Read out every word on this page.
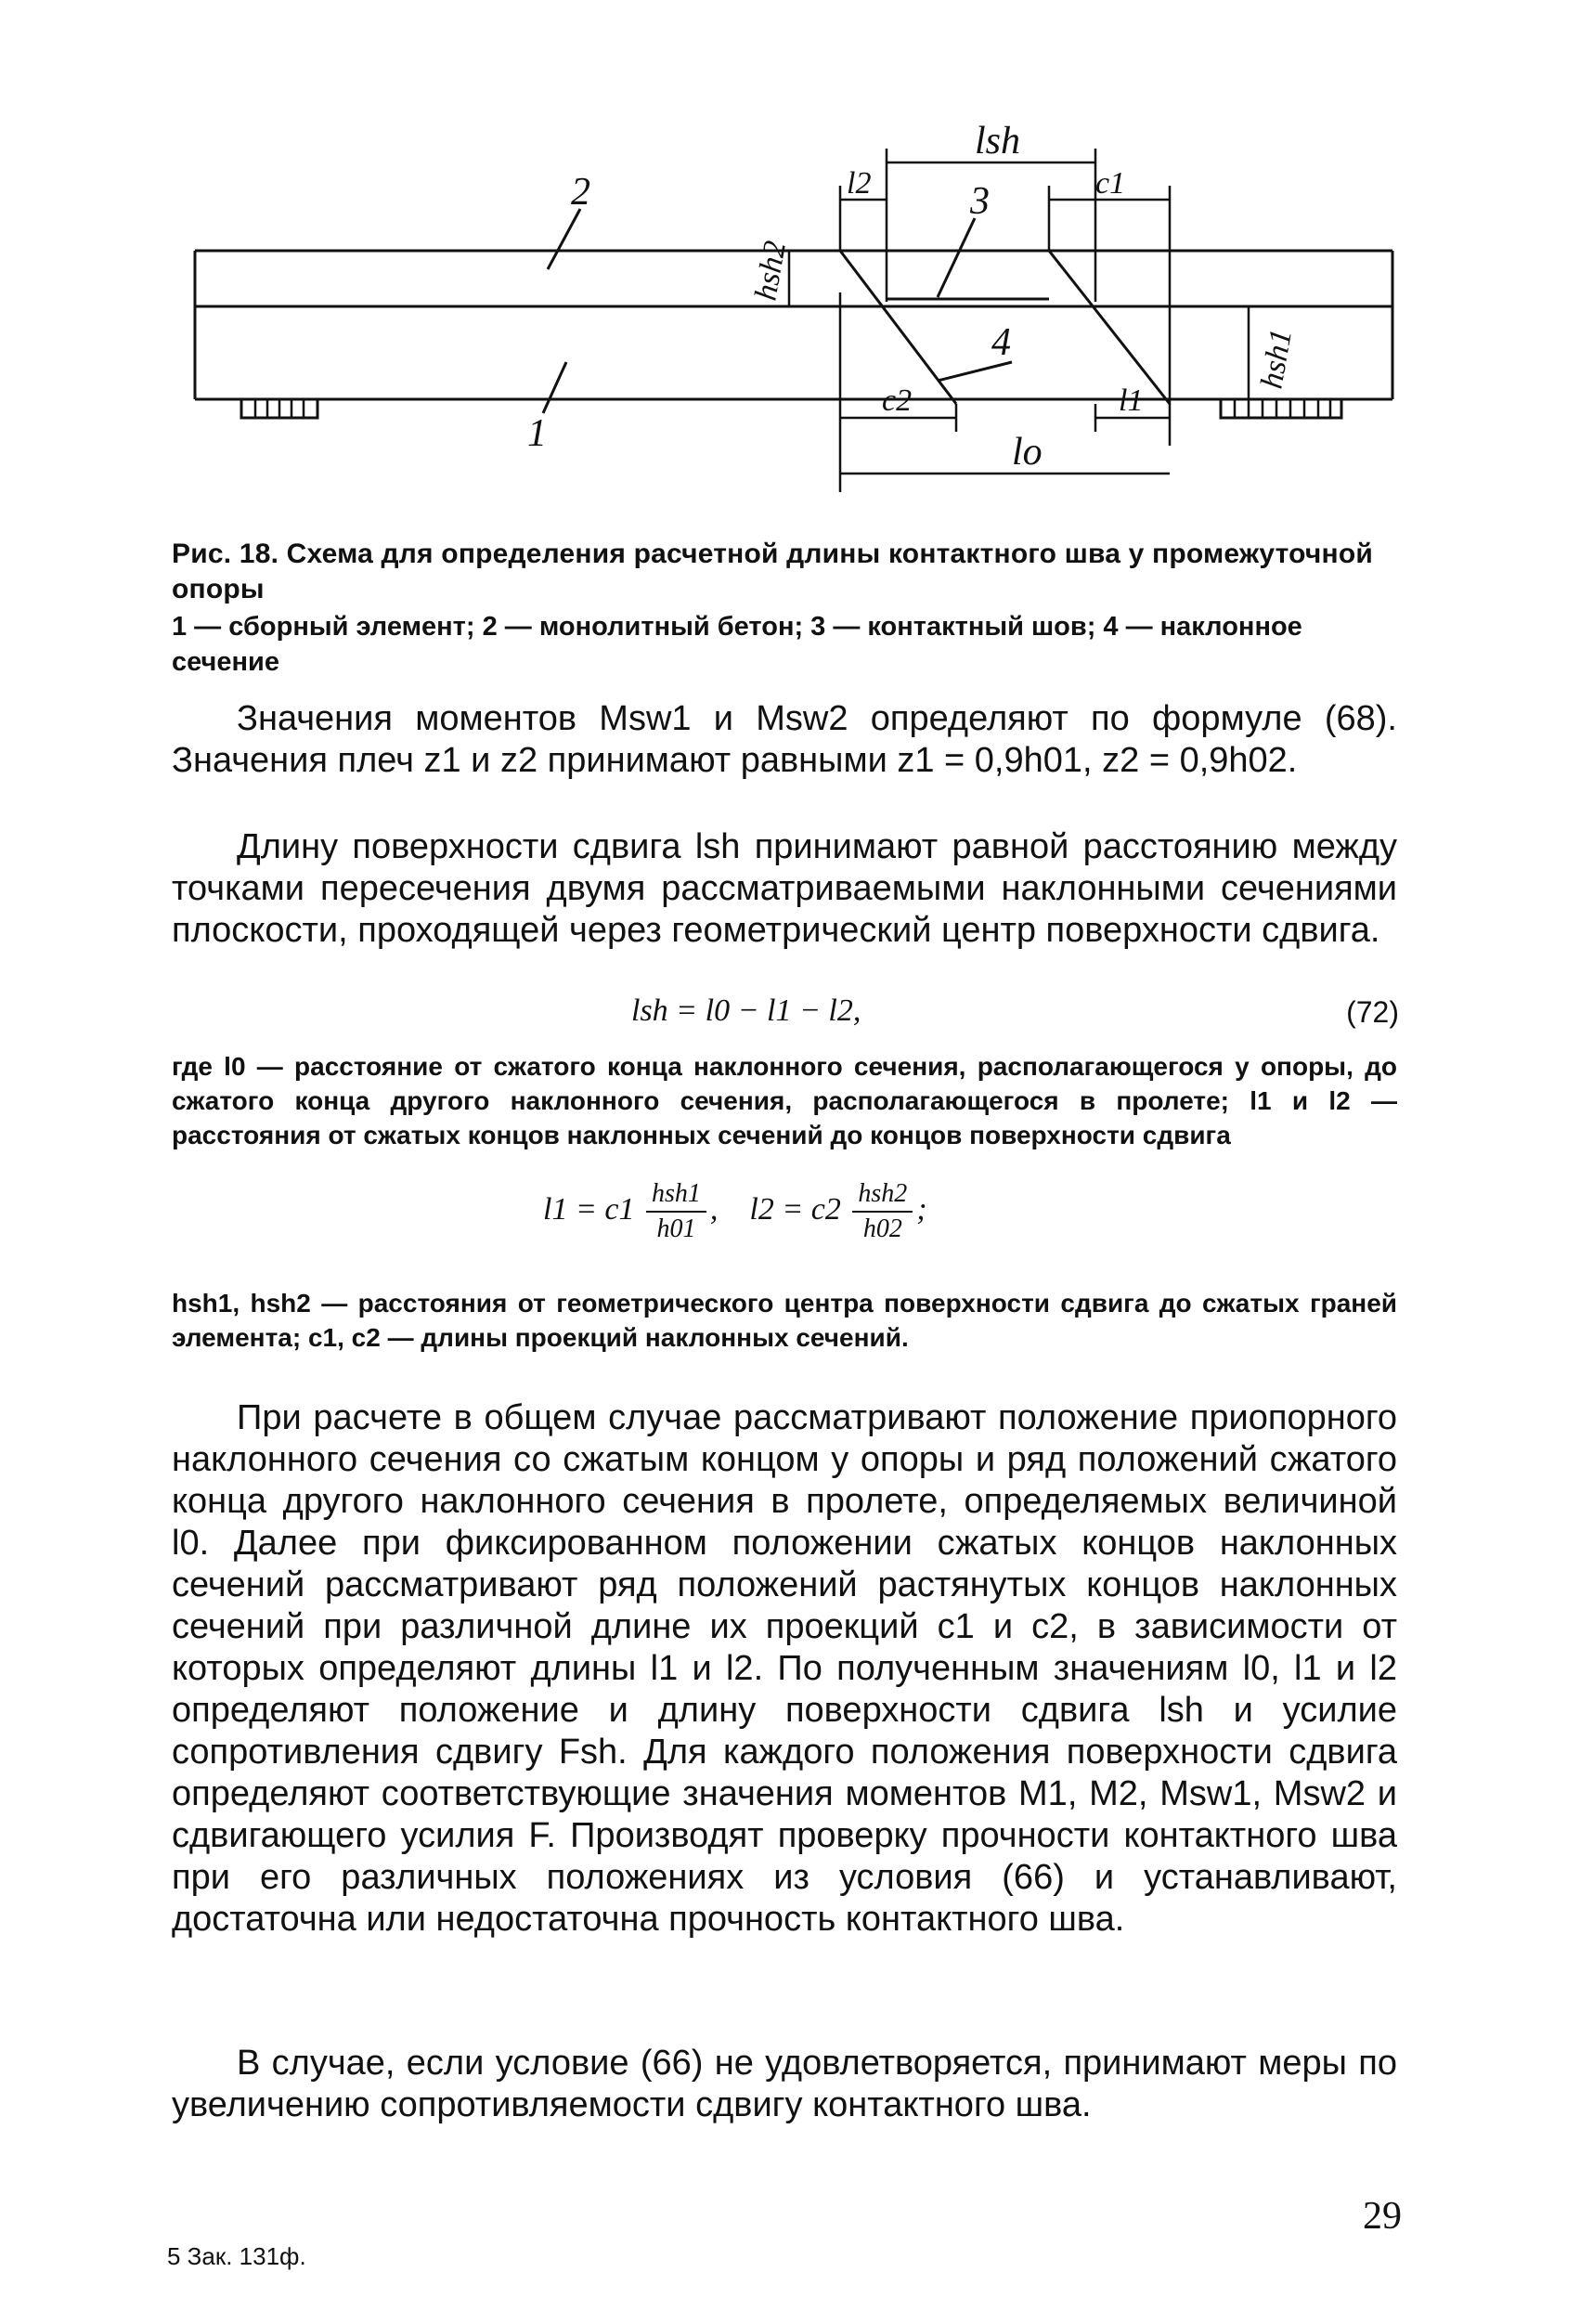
lsh
l2	c1
2	3
4
1
hsh2
hsh1
c2	l1
lo
Рис. 18. Схема для определения расчетной длины контактного шва у промежуточной опоры
1 — сборный элемент; 2 — монолитный бетон; 3 — контактный шов; 4 — наклонное сечение
Значения моментов Msw1 и Msw2 определяют по формуле (68). Значения плеч z1 и z2 принимают равными z1 = 0,9h01, z2 = 0,9h02.
Длину поверхности сдвига lsh принимают равной расстоянию между точками пересечения двумя рассматриваемыми наклонными сечениями плоскости, проходящей через геометрический центр поверхности сдвига.
lsh = l0 − l1 − l2,	(72)
где l0 — расстояние от сжатого конца наклонного сечения, располагающегося у опоры, до сжатого конца другого наклонного сечения, располагающегося в пролете; l1 и l2 — расстояния от сжатых концов наклонных сечений до концов поверхности сдвига
$l1 = c1 \frac{\text{hsh1}}{h01}$ ,    $l2 = c2 \frac{\text{hsh2}}{h02}$ ;
hsh1, hsh2 — расстояния от геометрического центра поверхности сдвига до сжатых граней элемента; c1, c2 — длины проекций наклонных сечений.
При расчете в общем случае рассматривают положение приопорного наклонного сечения со сжатым концом у опоры и ряд положений сжатого конца другого наклонного сечения в пролете, определяемых величиной l0. Далее при фиксированном положении сжатых концов наклонных сечений рассматривают ряд положений растянутых концов наклонных сечений при различной длине их проекций c1 и c2, в зависимости от которых определяют длины l1 и l2. По полученным значениям l0, l1 и l2 определяют положение и длину поверхности сдвига lsh и усилие сопротивления сдвигу Fsh. Для каждого положения поверхности сдвига определяют соответствующие значения моментов M1, M2, Msw1, Msw2 и сдвигающего усилия F. Производят проверку прочности контактного шва при его различных положениях из условия (66) и устанавливают, достаточна или недостаточна прочность контактного шва.
В случае, если условие (66) не удовлетворяется, принимают меры по увеличению сопротивляемости сдвигу контактного шва.
5 Зак. 131ф.
29
